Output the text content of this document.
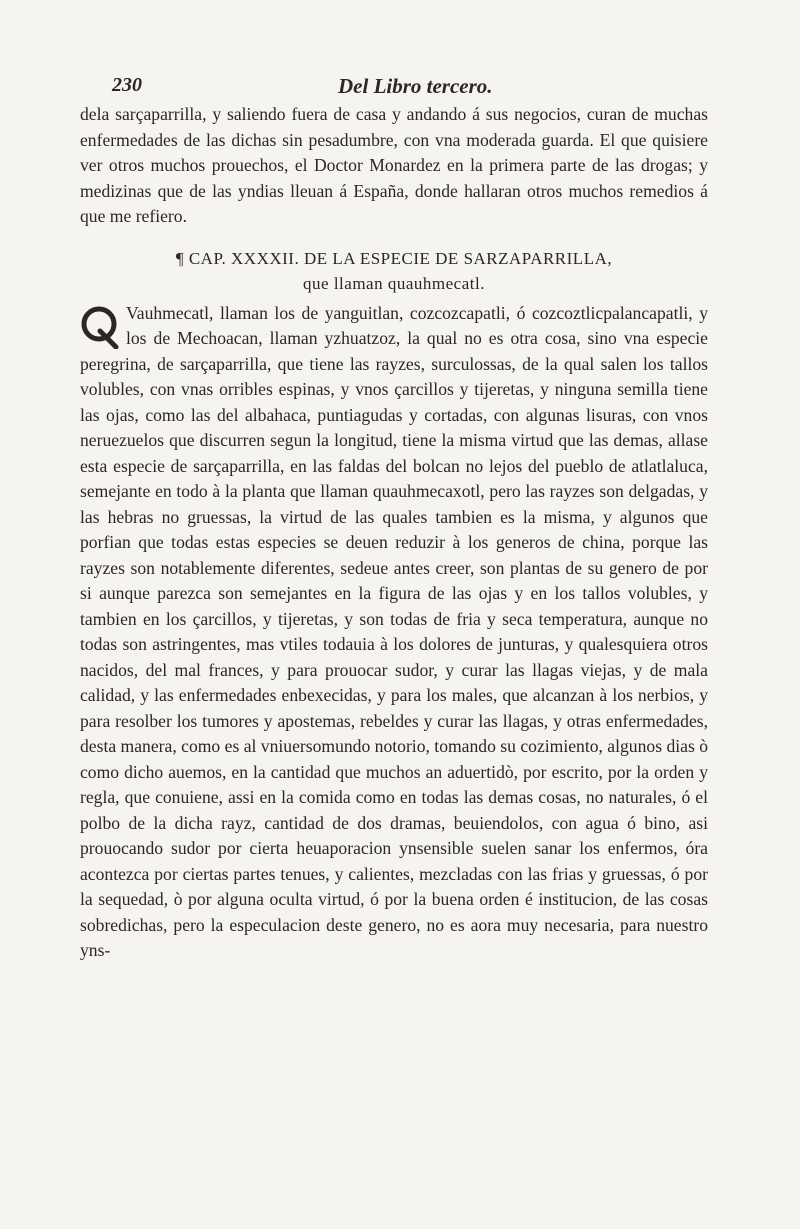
230	Del Libro tercero.

dela sarçaparrilla, y saliendo fuera de casa y andando á sus negocios, curan de muchas enfermedades de las dichas sin pesadumbre, con vna moderada guarda. El que quisiere ver otros muchos prouechos, el Doctor Monardez en la primera parte de las drogas; y medizinas que de las yndias lleuan á España, donde hallaran otros muchos remedios á que me refiero.

¶ CAP. XXXXII. DE LA ESPECIE DE SARZAPARRILLA,
que llaman quauhmecatl.

Vauhmecatl, llaman los de yanguitlan, cozcozcapatli, ó cozcoztlicpalancapatli, y los de Mechoacan, llaman yzhuatzoz, la qual no es otra cosa, sino vna especie peregrina, de sarçaparrilla, que tiene las rayzes, surculossas, de la qual salen los tallos volubles, con vnas orribles espinas, y vnos çarcillos y tijeretas, y ninguna semilla tiene las ojas, como las del albahaca, puntiagudas y cortadas, con algunas lisuras, con vnos neruezuelos que discurren segun la longitud, tiene la misma virtud que las demas, allase esta especie de sarçaparrilla, en las faldas del bolcan no lejos del pueblo de atlatlaluca, semejante en todo à la planta que llaman quauhmecaxotl, pero las rayzes son delgadas, y las hebras no gruessas, la virtud de las quales tambien es la misma, y algunos que porfian que todas estas especies se deuen reduzir à los generos de china, porque las rayzes son notablemente diferentes, sedeue antes creer, son plantas de su genero de por si aunque parezca son semejantes en la figura de las ojas y en los tallos volubles, y tambien en los çarcillos, y tijeretas, y son todas de fria y seca temperatura, aunque no todas son astringentes, mas vtiles todauia à los dolores de junturas, y qualesquiera otros nacidos, del mal frances, y para prouocar sudor, y curar las llagas viejas, y de mala calidad, y las enfermedades enbexecidas, y para los males, que alcanzan à los nerbios, y para resolber los tumores y apostemas, rebeldes y curar las llagas, y otras enfermedades, desta manera, como es al vniuersomundo notorio, tomando su cozimiento, algunos dias ò como dicho auemos, en la cantidad que muchos an aduertidò, por escrito, por la orden y regla, que conuiene, assi en la comida como en todas las demas cosas, no naturales, ó el polbo de la dicha rayz, cantidad de dos dramas, beuiendolos, con agua ó bino, asi prouocando sudor por cierta heuaporacion ynsensible suelen sanar los enfermos, óra acontezca por ciertas partes tenues, y calientes, mezcladas con las frias y gruessas, ó por la sequedad, ò por alguna oculta virtud, ó por la buena orden é institucion, de las cosas sobredichas, pero la especulacion deste genero, no es aora muy necesaria, para nuestro yns-
